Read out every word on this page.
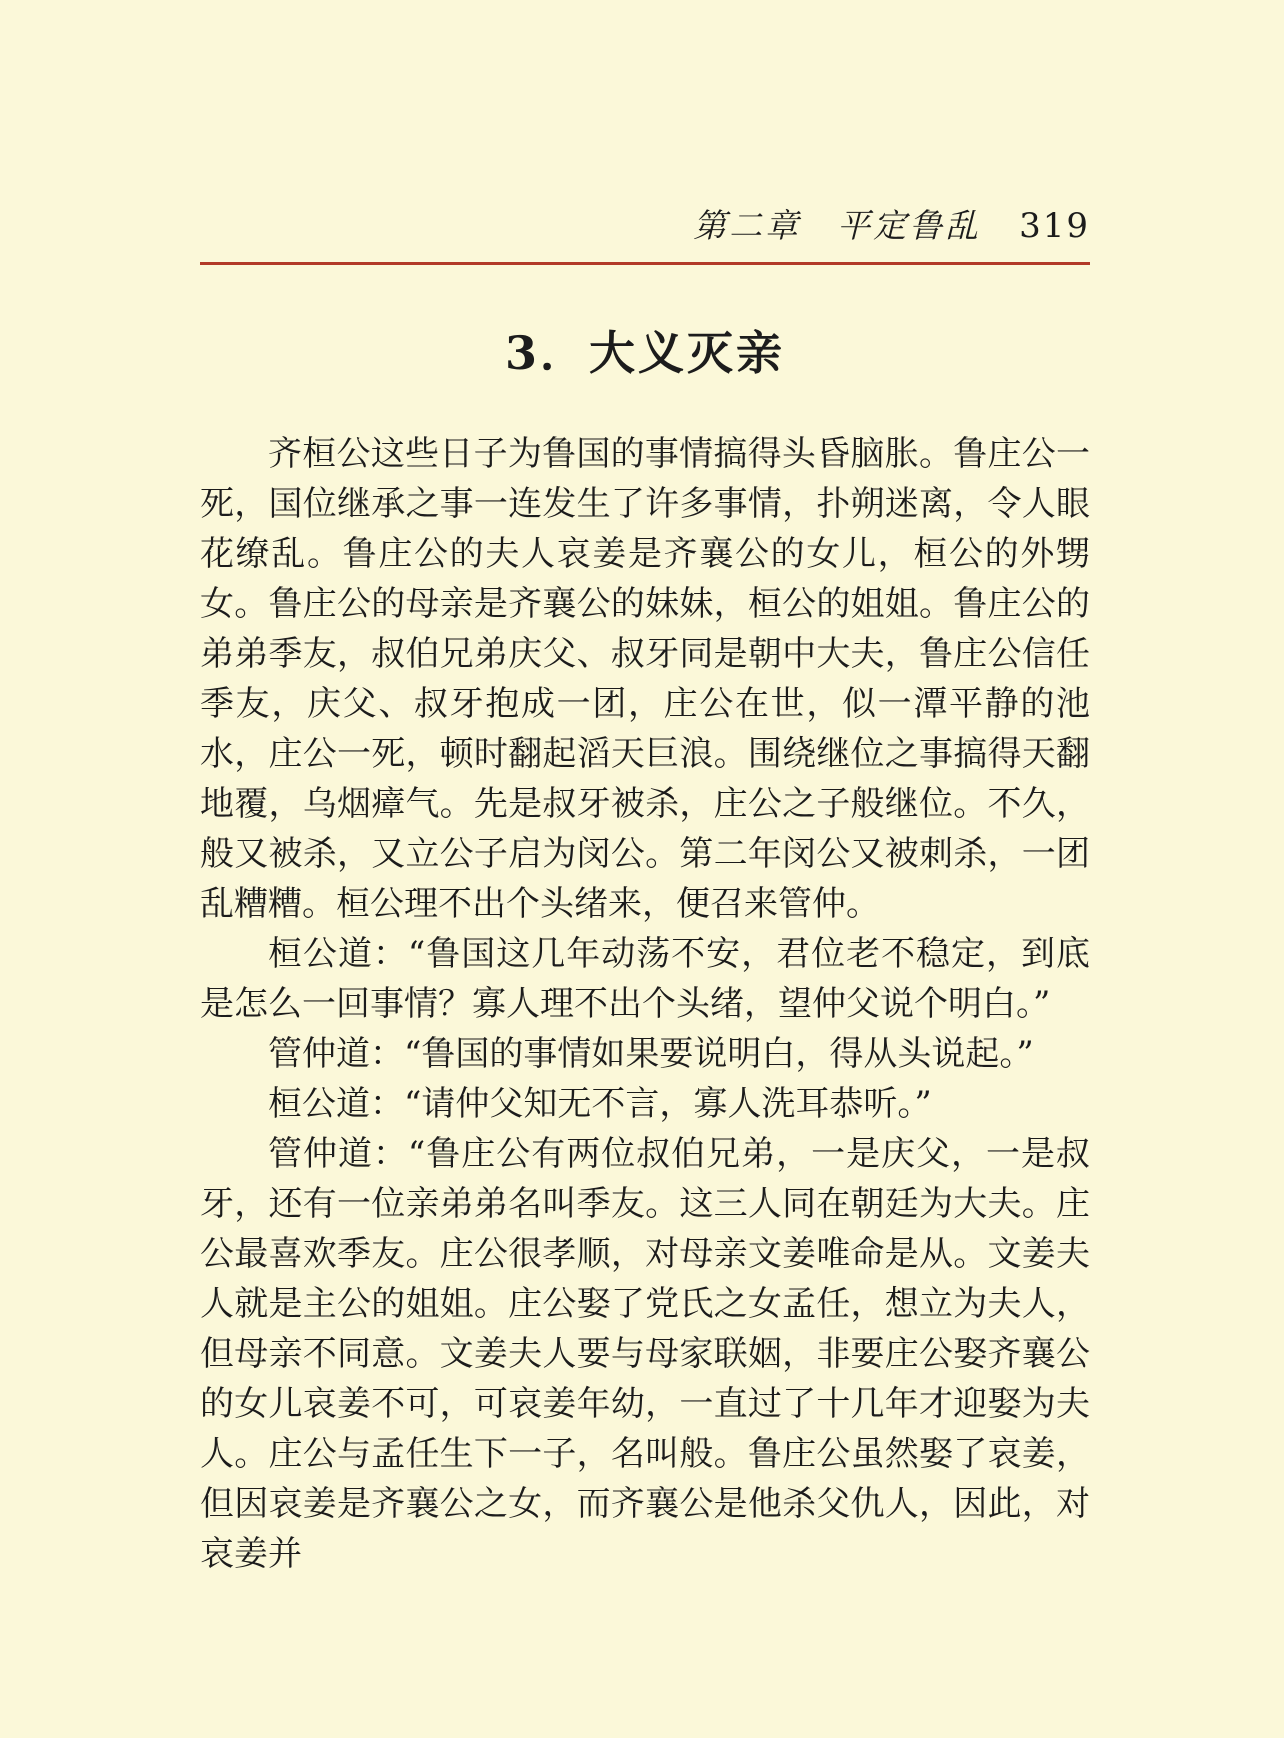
第二章　平定鲁乱 319
3．大义灭亲

齐桓公这些日子为鲁国的事情搞得头昏脑胀。鲁庄公一死，国位继承之事一连发生了许多事情，扑朔迷离，令人眼花缭乱。鲁庄公的夫人哀姜是齐襄公的女儿，桓公的外甥女。鲁庄公的母亲是齐襄公的妹妹，桓公的姐姐。鲁庄公的弟弟季友，叔伯兄弟庆父、叔牙同是朝中大夫，鲁庄公信任季友，庆父、叔牙抱成一团，庄公在世，似一潭平静的池水，庄公一死，顿时翻起滔天巨浪。围绕继位之事搞得天翻地覆，乌烟瘴气。先是叔牙被杀，庄公之子般继位。不久，般又被杀，又立公子启为闵公。第二年闵公又被刺杀，一团乱糟糟。桓公理不出个头绪来，便召来管仲。

桓公道：“鲁国这几年动荡不安，君位老不稳定，到底是怎么一回事情？寡人理不出个头绪，望仲父说个明白。”

管仲道：“鲁国的事情如果要说明白，得从头说起。”

桓公道：“请仲父知无不言，寡人洗耳恭听。”

管仲道：“鲁庄公有两位叔伯兄弟，一是庆父，一是叔牙，还有一位亲弟弟名叫季友。这三人同在朝廷为大夫。庄公最喜欢季友。庄公很孝顺，对母亲文姜唯命是从。文姜夫人就是主公的姐姐。庄公娶了党氏之女孟任，想立为夫人，但母亲不同意。文姜夫人要与母家联姻，非要庄公娶齐襄公的女儿哀姜不可，可哀姜年幼，一直过了十几年才迎娶为夫人。庄公与孟任生下一子，名叫般。鲁庄公虽然娶了哀姜，但因哀姜是齐襄公之女，而齐襄公是他杀父仇人，因此，对哀姜并
